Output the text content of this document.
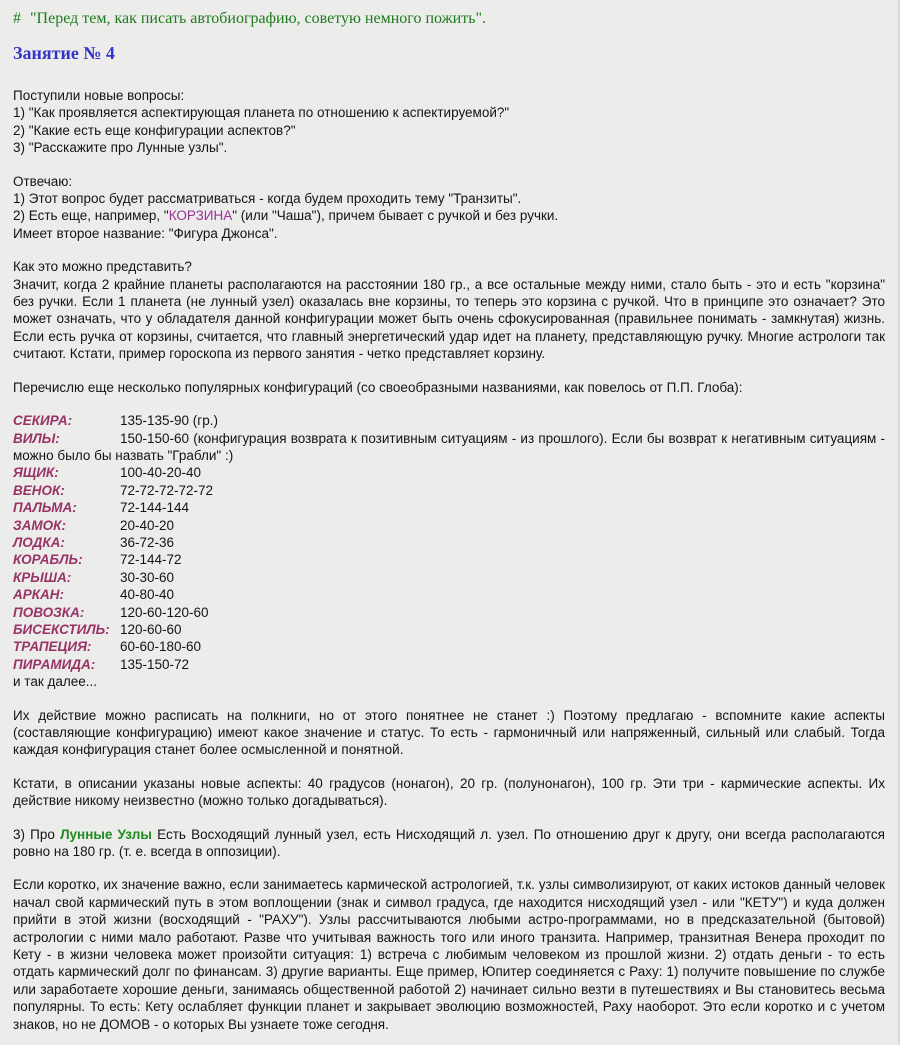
# "Перед тем, как писать автобиографию, советую немного пожить".
Занятие № 4
Поступили новые вопросы:
1) "Как проявляется аспектирующая планета по отношению к аспектируемой?"
2) "Какие есть еще конфигурации аспектов?"
3) "Расскажите про Лунные узлы".
Отвечаю:
1) Этот вопрос будет рассматриваться - когда будем проходить тему "Транзиты".
2) Есть еще, например, "КОРЗИНА" (или "Чаша"), причем бывает с ручкой и без ручки.
Имеет второе название: "Фигура Джонса".
Как это можно представить?
Значит, когда 2 крайние планеты располагаются на расстоянии 180 гр., а все остальные между ними, стало быть - это и есть "корзина" без ручки. Если 1 планета (не лунный узел) оказалась вне корзины, то теперь это корзина с ручкой. Что в принципе это означает? Это может означать, что у обладателя данной конфигурации может быть очень сфокусированная (правильнее понимать - замкнутая) жизнь. Если есть ручка от корзины, считается, что главный энергетический удар идет на планету, представляющую ручку. Многие астрологи так считают. Кстати, пример гороскопа из первого занятия - четко представляет корзину.
Перечислю еще несколько популярных конфигураций (со своеобразными названиями, как повелось от П.П. Глоба):
СЕКИРА:	135-135-90 (гр.)
ВИЛЫ:	150-150-60 (конфигурация возврата к позитивным ситуациям - из прошлого). Если бы возврат к негативным ситуациям - можно было бы назвать "Грабли" :)
ЯЩИК:	100-40-20-40
ВЕНОК:	72-72-72-72-72
ПАЛЬМА:	72-144-144
ЗАМОК:	20-40-20
ЛОДКА:	36-72-36
КОРАБЛЬ:	72-144-72
КРЫША:	30-30-60
АРКАН:	40-80-40
ПОВОЗКА:	120-60-120-60
БИСЕКСТИЛЬ: 120-60-60
ТРАПЕЦИЯ: 60-60-180-60
ПИРАМИДА: 135-150-72
и так далее...
Их действие можно расписать на полкниги, но от этого понятнее не станет :) Поэтому предлагаю - вспомните какие аспекты (составляющие конфигурацию) имеют какое значение и статус. То есть - гармоничный или напряженный, сильный или слабый. Тогда каждая конфигурация станет более осмысленной и понятной.
Кстати, в описании указаны новые аспекты: 40 градусов (нонагон), 20 гр. (полунонагон), 100 гр. Эти три - кармические аспекты. Их действие никому неизвестно (можно только догадываться).
3) Про Лунные Узлы Есть Восходящий лунный узел, есть Нисходящий л. узел. По отношению друг к другу, они всегда располагаются ровно на 180 гр. (т. е. всегда в оппозиции).
Если коротко, их значение важно, если занимаетесь кармической астрологией, т.к. узлы символизируют, от каких истоков данный человек начал свой кармический путь в этом воплощении (знак и символ градуса, где находится нисходящий узел - или "КЕТУ") и куда должен прийти в этой жизни (восходящий - "РАХУ"). Узлы рассчитываются любыми астро-программами, но в предсказательной (бытовой) астрологии с ними мало работают. Разве что учитывая важность того или иного транзита. Например, транзитная Венера проходит по Кету - в жизни человека может произойти ситуация: 1) встреча с любимым человеком из прошлой жизни. 2) отдать деньги - то есть отдать кармический долг по финансам. 3) другие варианты. Еще пример, Юпитер соединяется с Раху: 1) получите повышение по службе или заработаете хорошие деньги, занимаясь общественной работой 2) начинает сильно везти в путешествиях и Вы становитесь весьма популярны. То есть: Кету ослабляет функции планет и закрывает эволюцию возможностей, Раху наоборот. Это если коротко и с учетом знаков, но не ДОМОВ - о которых Вы узнаете тоже сегодня.
